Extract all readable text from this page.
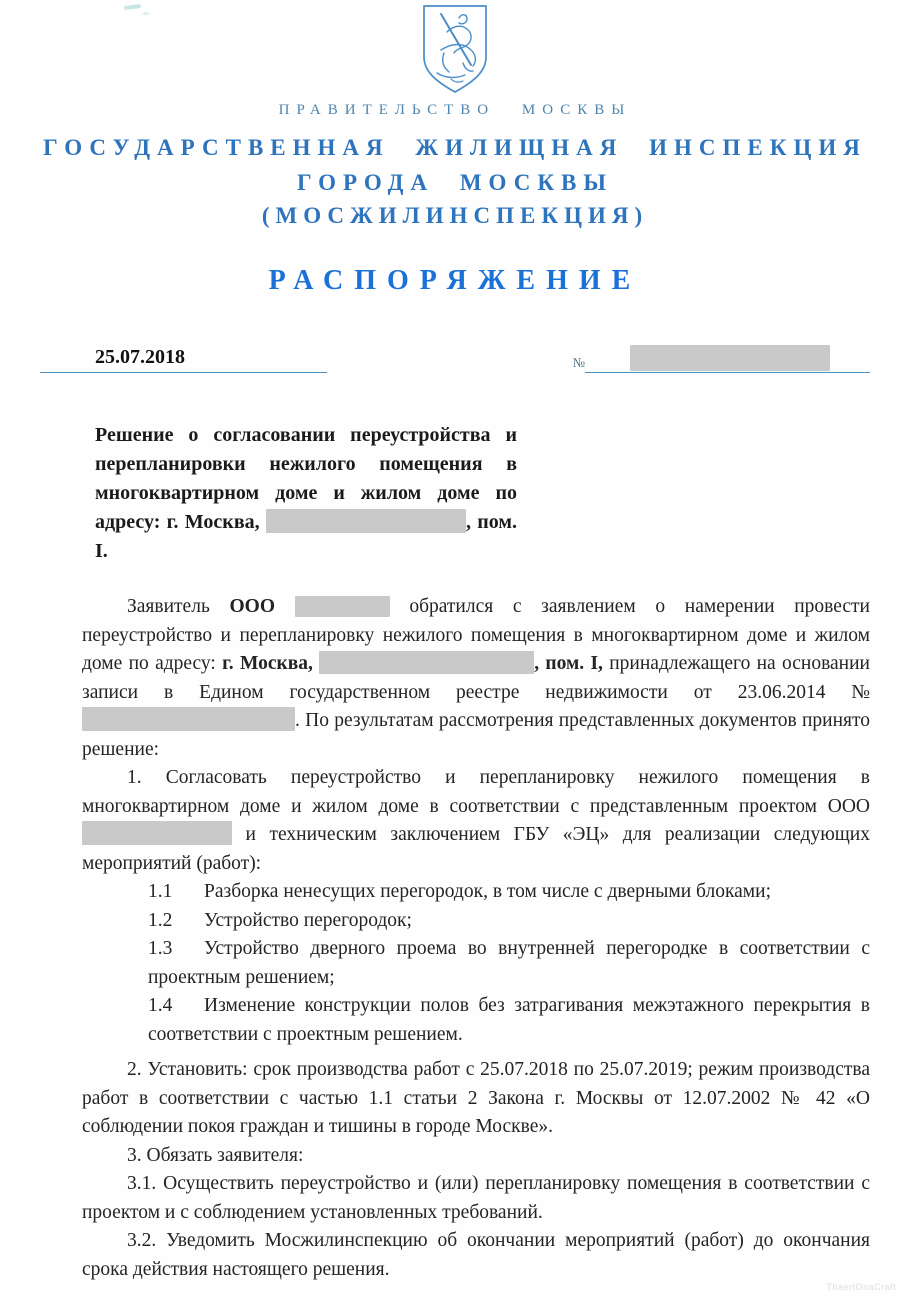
ПРАВИТЕЛЬСТВО МОСКВЫ
ГОСУДАРСТВЕННАЯ ЖИЛИЩНАЯ ИНСПЕКЦИЯ
ГОРОДА МОСКВЫ
(МОСЖИЛИНСПЕКЦИЯ)
РАСПОРЯЖЕНИЕ
25.07.2018	№
Решение о согласовании переустройства и перепланировки нежилого помещения в многоквартирном доме и жилом доме по адресу: г. Москва,	, пом. I.

Заявитель ООО	обратился с заявлением о намерении провести переустройство и перепланировку нежилого помещения в многоквартирном доме и жилом доме по адресу: г. Москва,	, пом. I, принадлежащего на основании записи в Едином государственном реестре недвижимости от 23.06.2014 № . По результатам рассмотрения представленных документов принято решение:

1. Согласовать переустройство и перепланировку нежилого помещения в многоквартирном доме и жилом доме в соответствии с представленным проектом ООО  и техническим заключением ГБУ «ЭЦ» для реализации следующих мероприятий (работ):

1.1 Разборка ненесущих перегородок, в том числе с дверными блоками;

1.2 Устройство перегородок;

1.3 Устройство дверного проема во внутренней перегородке в соответствии с проектным решением;

1.4 Изменение конструкции полов без затрагивания межэтажного перекрытия в соответствии с проектным решением.

2. Установить: срок производства работ с 25.07.2018 по 25.07.2019; режим производства работ в соответствии с частью 1.1 статьи 2 Закона г. Москвы от 12.07.2002 № 42 «О соблюдении покоя граждан и тишины в городе Москве».

3. Обязать заявителя:

3.1. Осуществить переустройство и (или) перепланировку помещения в соответствии с проектом и с соблюдением установленных требований.

3.2. Уведомить Мосжилинспекцию об окончании мероприятий (работ) до окончания срока действия настоящего решения.

ThaertOnaCraft
